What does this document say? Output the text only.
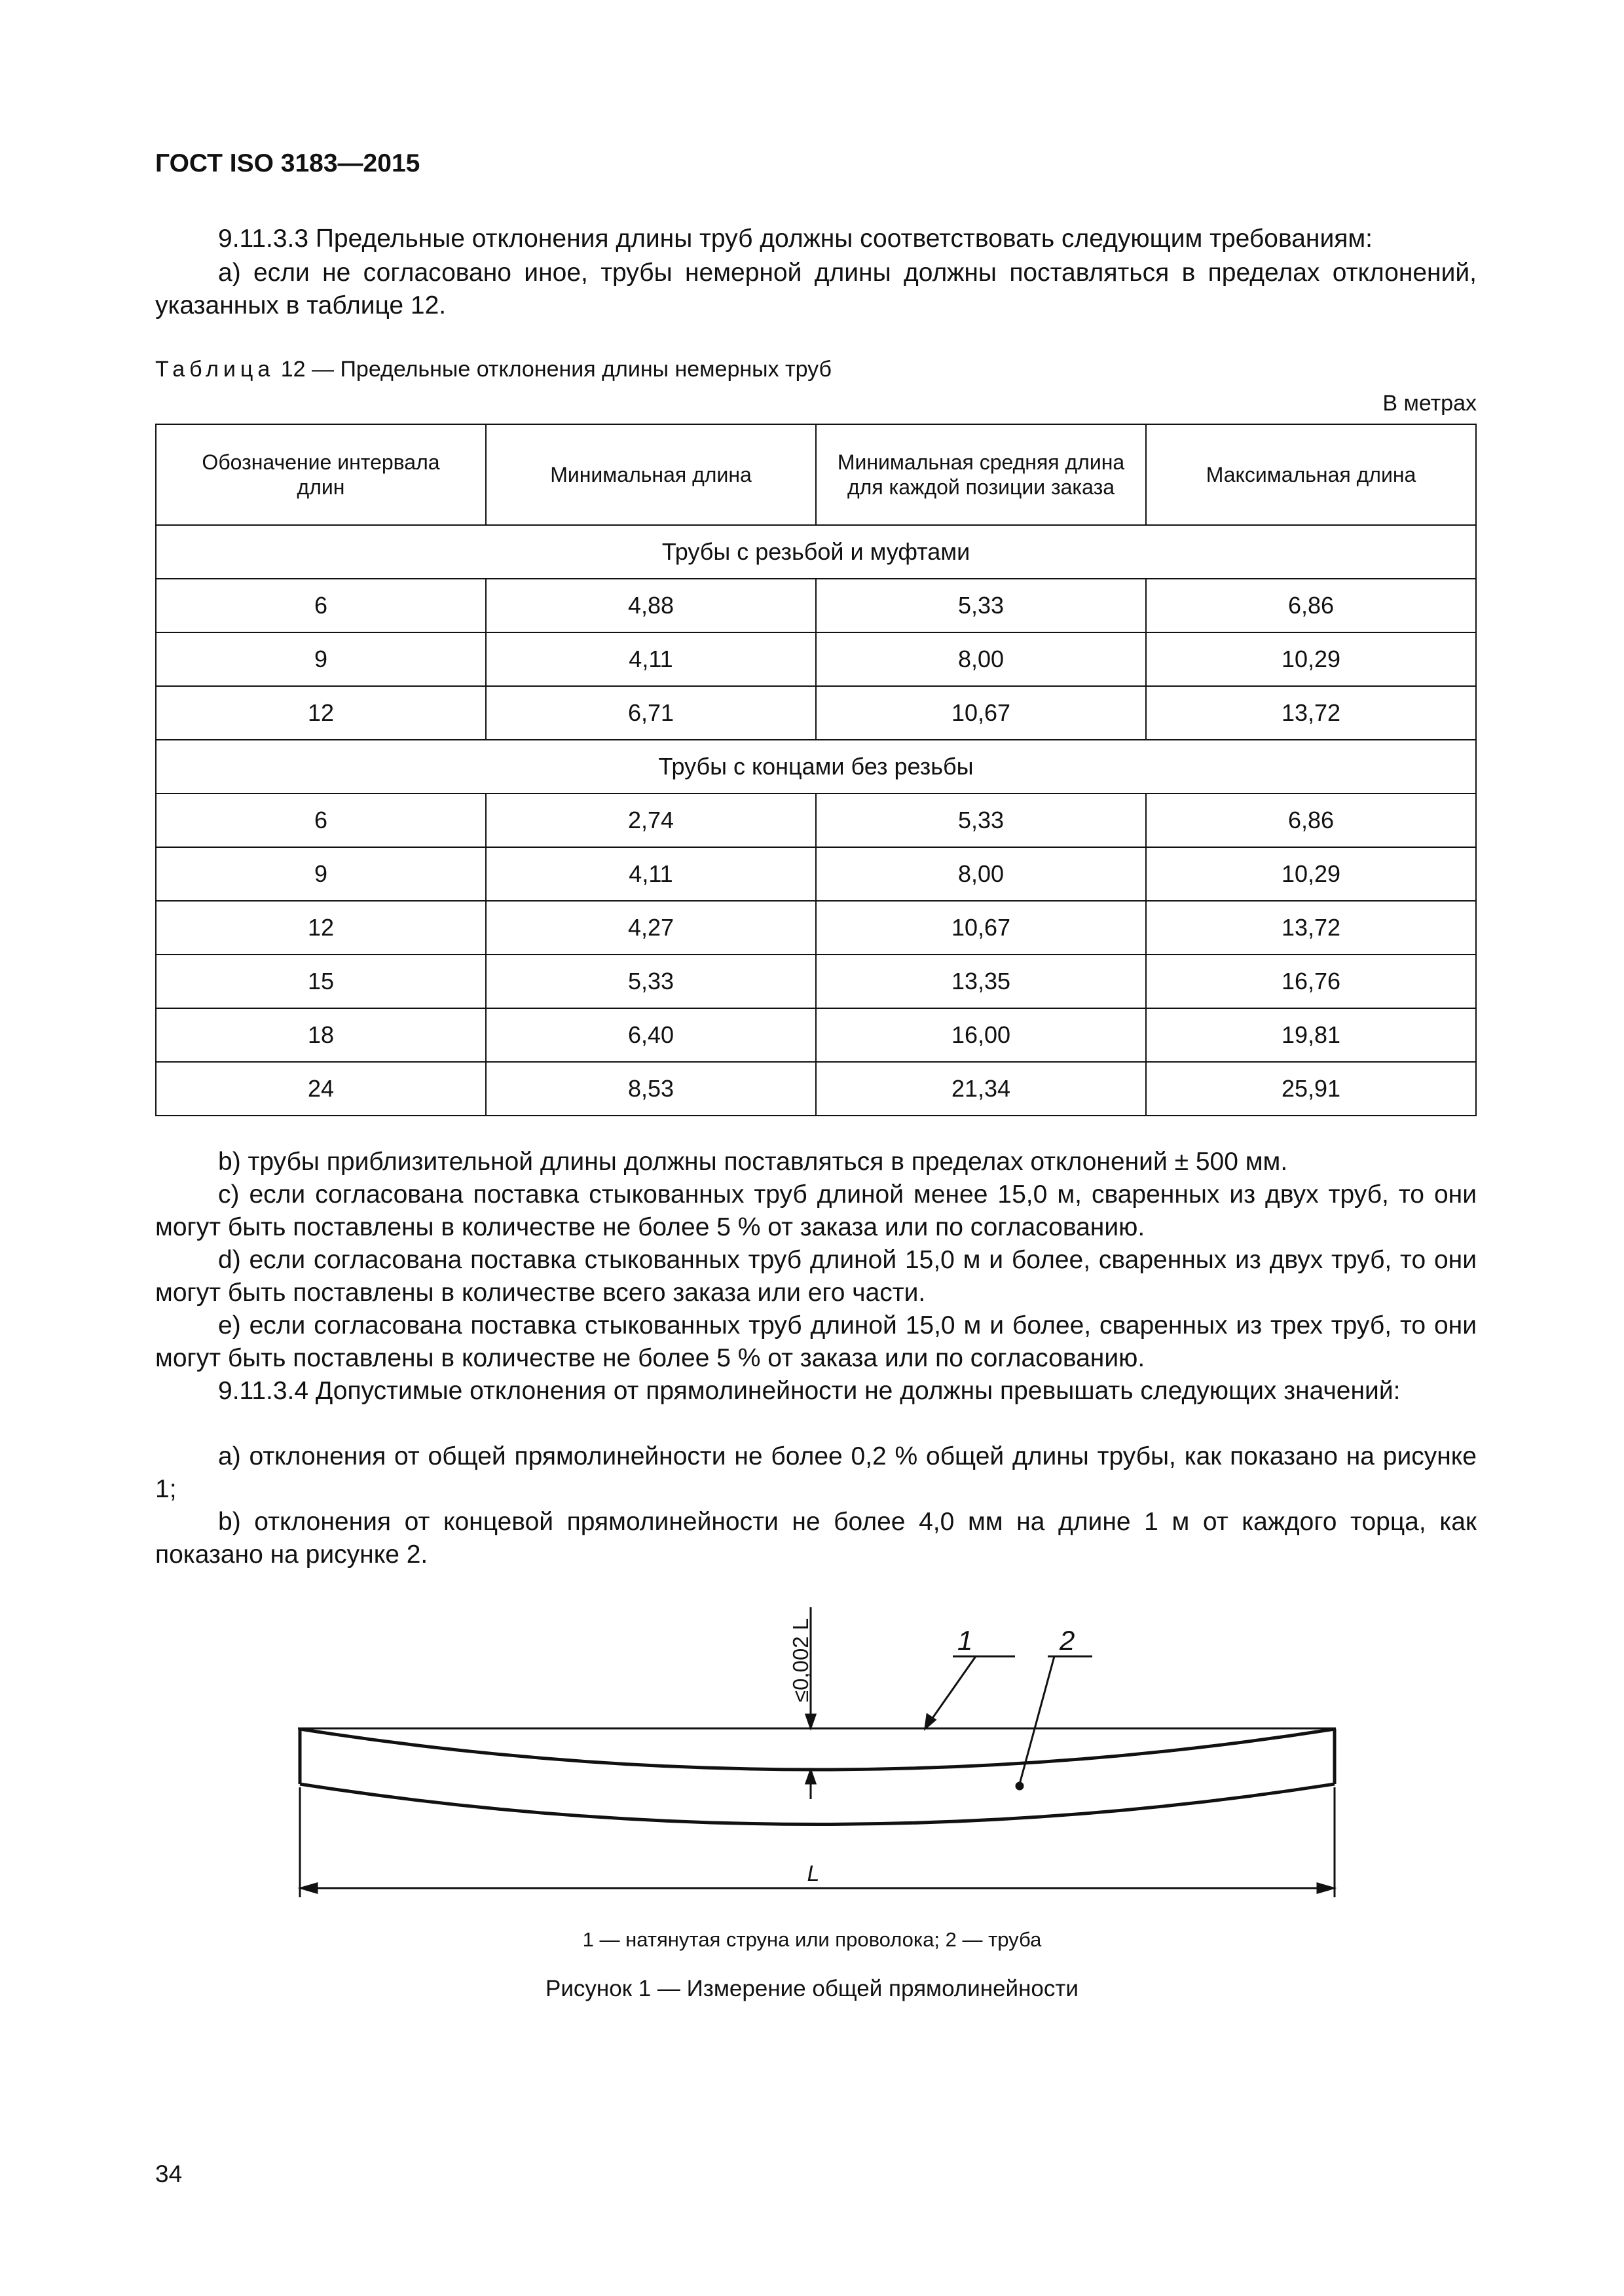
ГОСТ ISO 3183—2015

9.11.3.3 Предельные отклонения длины труб должны соответствовать следующим требованиям:

а) если не согласовано иное, трубы немерной длины должны поставляться в пределах отклонений, указанных в таблице 12.

Таблица 12 — Предельные отклонения длины немерных труб
В метрах
Обозначение интервала длин	Минимальная длина	Минимальная средняя длина для каждой позиции заказа	Максимальная длина
Трубы с резьбой и муфтами			
6	4,88	5,33	6,86
9	4,11	8,00	10,29
12	6,71	10,67	13,72
Трубы с концами без резьбы			
6	2,74	5,33	6,86
9	4,11	8,00	10,29
12	4,27	10,67	13,72
15	5,33	13,35	16,76
18	6,40	16,00	19,81
24	8,53	21,34	25,91

b) трубы приблизительной длины должны поставляться в пределах отклонений ± 500 мм.

c) если согласована поставка стыкованных труб длиной менее 15,0 м, сваренных из двух труб, то они могут быть поставлены в количестве не более 5 % от заказа или по согласованию.

d) если согласована поставка стыкованных труб длиной 15,0 м и более, сваренных из двух труб, то они могут быть поставлены в количестве всего заказа или его части.

e) если согласована поставка стыкованных труб длиной 15,0 м и более, сваренных из трех труб, то они могут быть поставлены в количестве не более 5 % от заказа или по согласованию.

9.11.3.4 Допустимые отклонения от прямолинейности не должны превышать следующих значений:

а) отклонения от общей прямолинейности не более 0,2 % общей длины трубы, как показано на рисунке 1;

b) отклонения от концевой прямолинейности не более 4,0 мм на длине 1 м от каждого торца, как показано на рисунке 2.

≤0,002 L	1	2
L
1 — натянутая струна или проволока; 2 — труба
Рисунок 1 — Измерение общей прямолинейности
34
